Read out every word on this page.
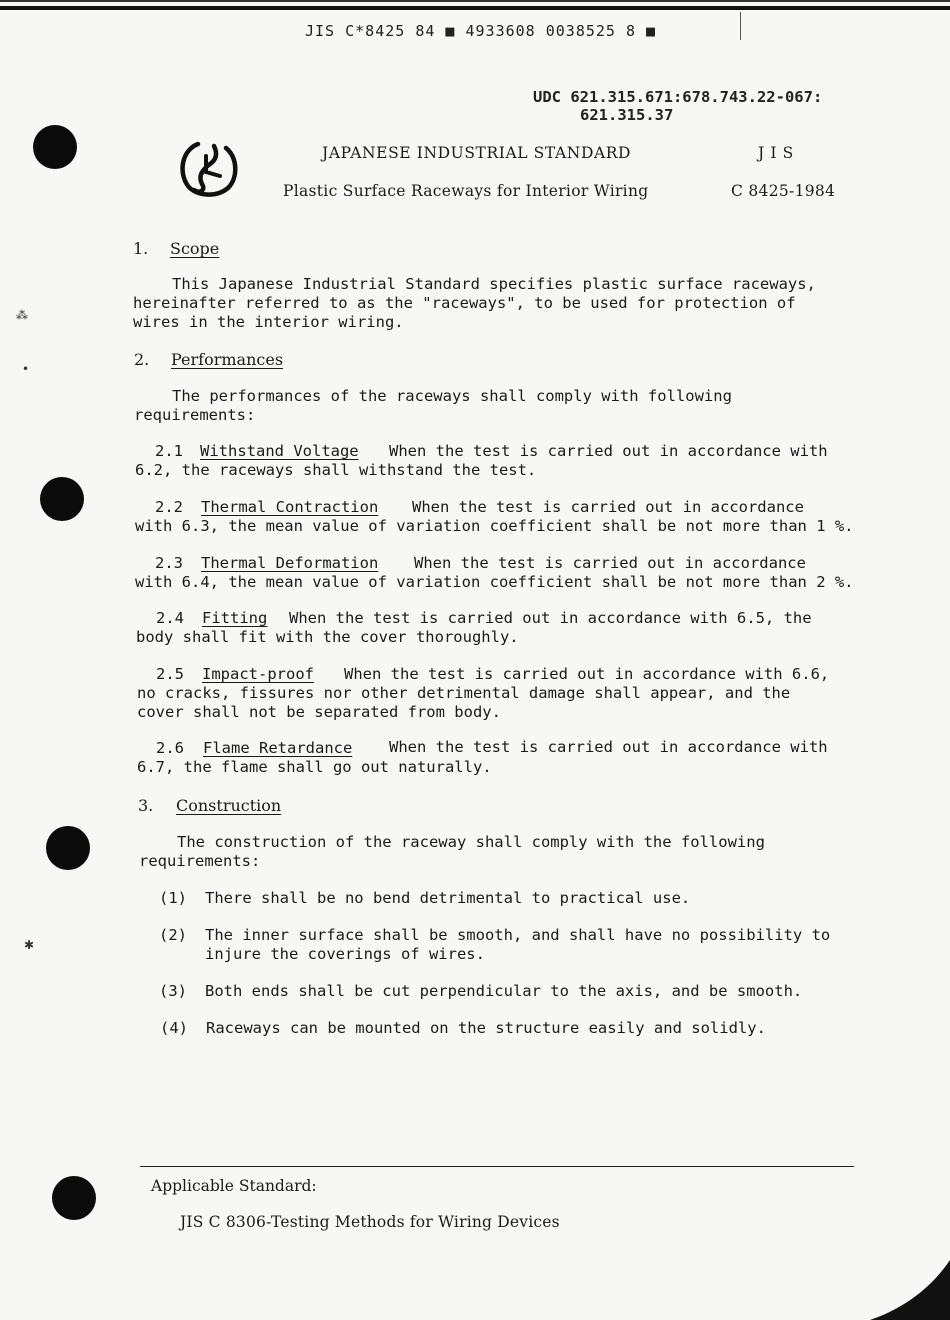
JIS C*8425 84 ■ 4933608 0038525 8 ■
⁂
•
✱
UDC 621.315.671:678.743.22-067:
621.315.37
JAPANESE INDUSTRIAL STANDARD	J I S
Plastic Surface Raceways for Interior Wiring	C 8425-1984
1. Scope
This Japanese Industrial Standard specifies plastic surface raceways,
hereinafter referred to as the "raceways", to be used for protection of
wires in the interior wiring.
2. Performances
The performances of the raceways shall comply with following
requirements:
2.1 Withstand Voltage When the test is carried out in accordance with
6.2, the raceways shall withstand the test.
2.2 Thermal Contraction When the test is carried out in accordance
with 6.3, the mean value of variation coefficient shall be not more than 1 %.
2.3 Thermal Deformation When the test is carried out in accordance
with 6.4, the mean value of variation coefficient shall be not more than 2 %.
2.4 Fitting When the test is carried out in accordance with 6.5, the
body shall fit with the cover thoroughly.
2.5 Impact-proof When the test is carried out in accordance with 6.6,
no cracks, fissures nor other detrimental damage shall appear, and the
cover shall not be separated from body.
2.6 Flame Retardance When the test is carried out in accordance with
6.7, the flame shall go out naturally.
3. Construction
The construction of the raceway shall comply with the following
requirements:
(1) There shall be no bend detrimental to practical use.
(2) The inner surface shall be smooth, and shall have no possibility to
injure the coverings of wires.
(3) Both ends shall be cut perpendicular to the axis, and be smooth.
(4) Raceways can be mounted on the structure easily and solidly.
Applicable Standard:
JIS C 8306-Testing Methods for Wiring Devices
